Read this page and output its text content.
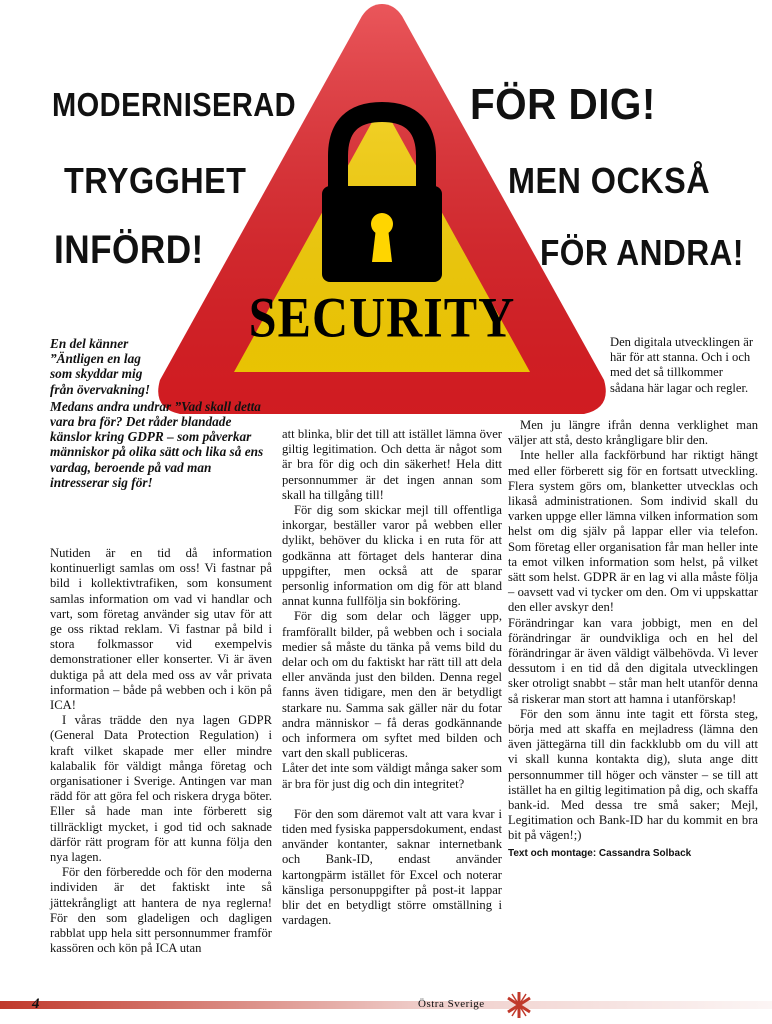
SECURITY
MODERNISERAD
TRYGGHET
INFÖRD!
FÖR DIG!
MEN OCKSÅ
FÖR ANDRA!
En del känner ”Äntligen en lag som skyddar mig från övervakning!
Medans andra undrar ”Vad skall detta vara bra för? Det råder blandade känslor kring GDPR – som påverkar människor på olika sätt och lika så ens vardag, beroende på vad man intresserar sig för!

Nutiden är en tid då information kontinuerligt samlas om oss! Vi fastnar på bild i kollektivtrafiken, som konsument samlas information om vad vi handlar och vart, som företag använder sig utav för att ge oss riktad reklam. Vi fastnar på bild i stora folkmassor vid exempelvis demonstrationer eller konserter. Vi är även duktiga på att dela med oss av vår privata information – både på webben och i kön på ICA!

I våras trädde den nya lagen GDPR (General Data Protection Regulation) i kraft vilket skapade mer eller mindre kalabalik för väldigt många företag och organisationer i Sverige. Antingen var man rädd för att göra fel och riskera dryga böter. Eller så hade man inte förberett sig tillräckligt mycket, i god tid och saknade därför rätt program för att kunna följa den nya lagen.

För den förberedde och för den moderna individen är det faktiskt inte så jättekrångligt att hantera de nya reglerna! För den som gladeligen och dagligen rabblat upp hela sitt personnummer framför kassören och kön på ICA utan

att blinka, blir det till att istället lämna över giltig legitimation. Och detta är något som är bra för dig och din säkerhet! Hela ditt personnummer är det ingen annan som skall ha tillgång till!

För dig som skickar mejl till offentliga inkorgar, beställer varor på webben eller dylikt, behöver du klicka i en ruta för att godkänna att förtaget dels hanterar dina uppgifter, men också att de sparar personlig information om dig för att bland annat kunna fullfölja sin bokföring.

För dig som delar och lägger upp, framförallt bilder, på webben och i sociala medier så måste du tänka på vems bild du delar och om du faktiskt har rätt till att dela eller använda just den bilden. Denna regel fanns även tidigare, men den är betydligt starkare nu. Samma sak gäller när du fotar andra människor – få deras godkännande och informera om syftet med bilden och vart den skall publiceras.

Låter det inte som väldigt många saker som är bra för just dig och din integritet?

För den som däremot valt att vara kvar i tiden med fysiska pappersdokument, endast använder kontanter, saknar internetbank och Bank-ID, endast använder kartongpärm istället för Excel och noterar känsliga personuppgifter på post-it lappar blir det en betydligt större omställning i vardagen.

Den digitala utvecklingen är här för att stanna. Och i och med det så tillkommer sådana här lagar och regler.

Men ju längre ifrån denna verklighet man väljer att stå, desto krångligare blir den.

Inte heller alla fackförbund har riktigt hängt med eller förberett sig för en fortsatt utveckling. Flera system görs om, blanketter utvecklas och likaså administrationen. Som individ skall du varken uppge eller lämna vilken information som helst om dig själv på lappar eller via telefon. Som företag eller organisation får man heller inte ta emot vilken information som helst, på vilket sätt som helst. GDPR är en lag vi alla måste följa – oavsett vad vi tycker om den. Om vi uppskattar den eller avskyr den!

Förändringar kan vara jobbigt, men en del förändringar är oundvikliga och en hel del förändringar är även väldigt välbehövda. Vi lever dessutom i en tid då den digitala utvecklingen sker otroligt snabbt – står man helt utanför denna så riskerar man stort att hamna i utanförskap!

För den som ännu inte tagit ett första steg, börja med att skaffa en mejladress (lämna den även jättegärna till din fackklubb om du vill att vi skall kunna kontakta dig), sluta ange ditt personnummer till höger och vänster – se till att istället ha en giltig legitimation på dig, och skaffa bank-id. Med dessa tre små saker; Mejl, Legitimation och Bank-ID har du kommit en bra bit på vägen!;)

Text och montage: Cassandra Solback

4	Östra Sverige
